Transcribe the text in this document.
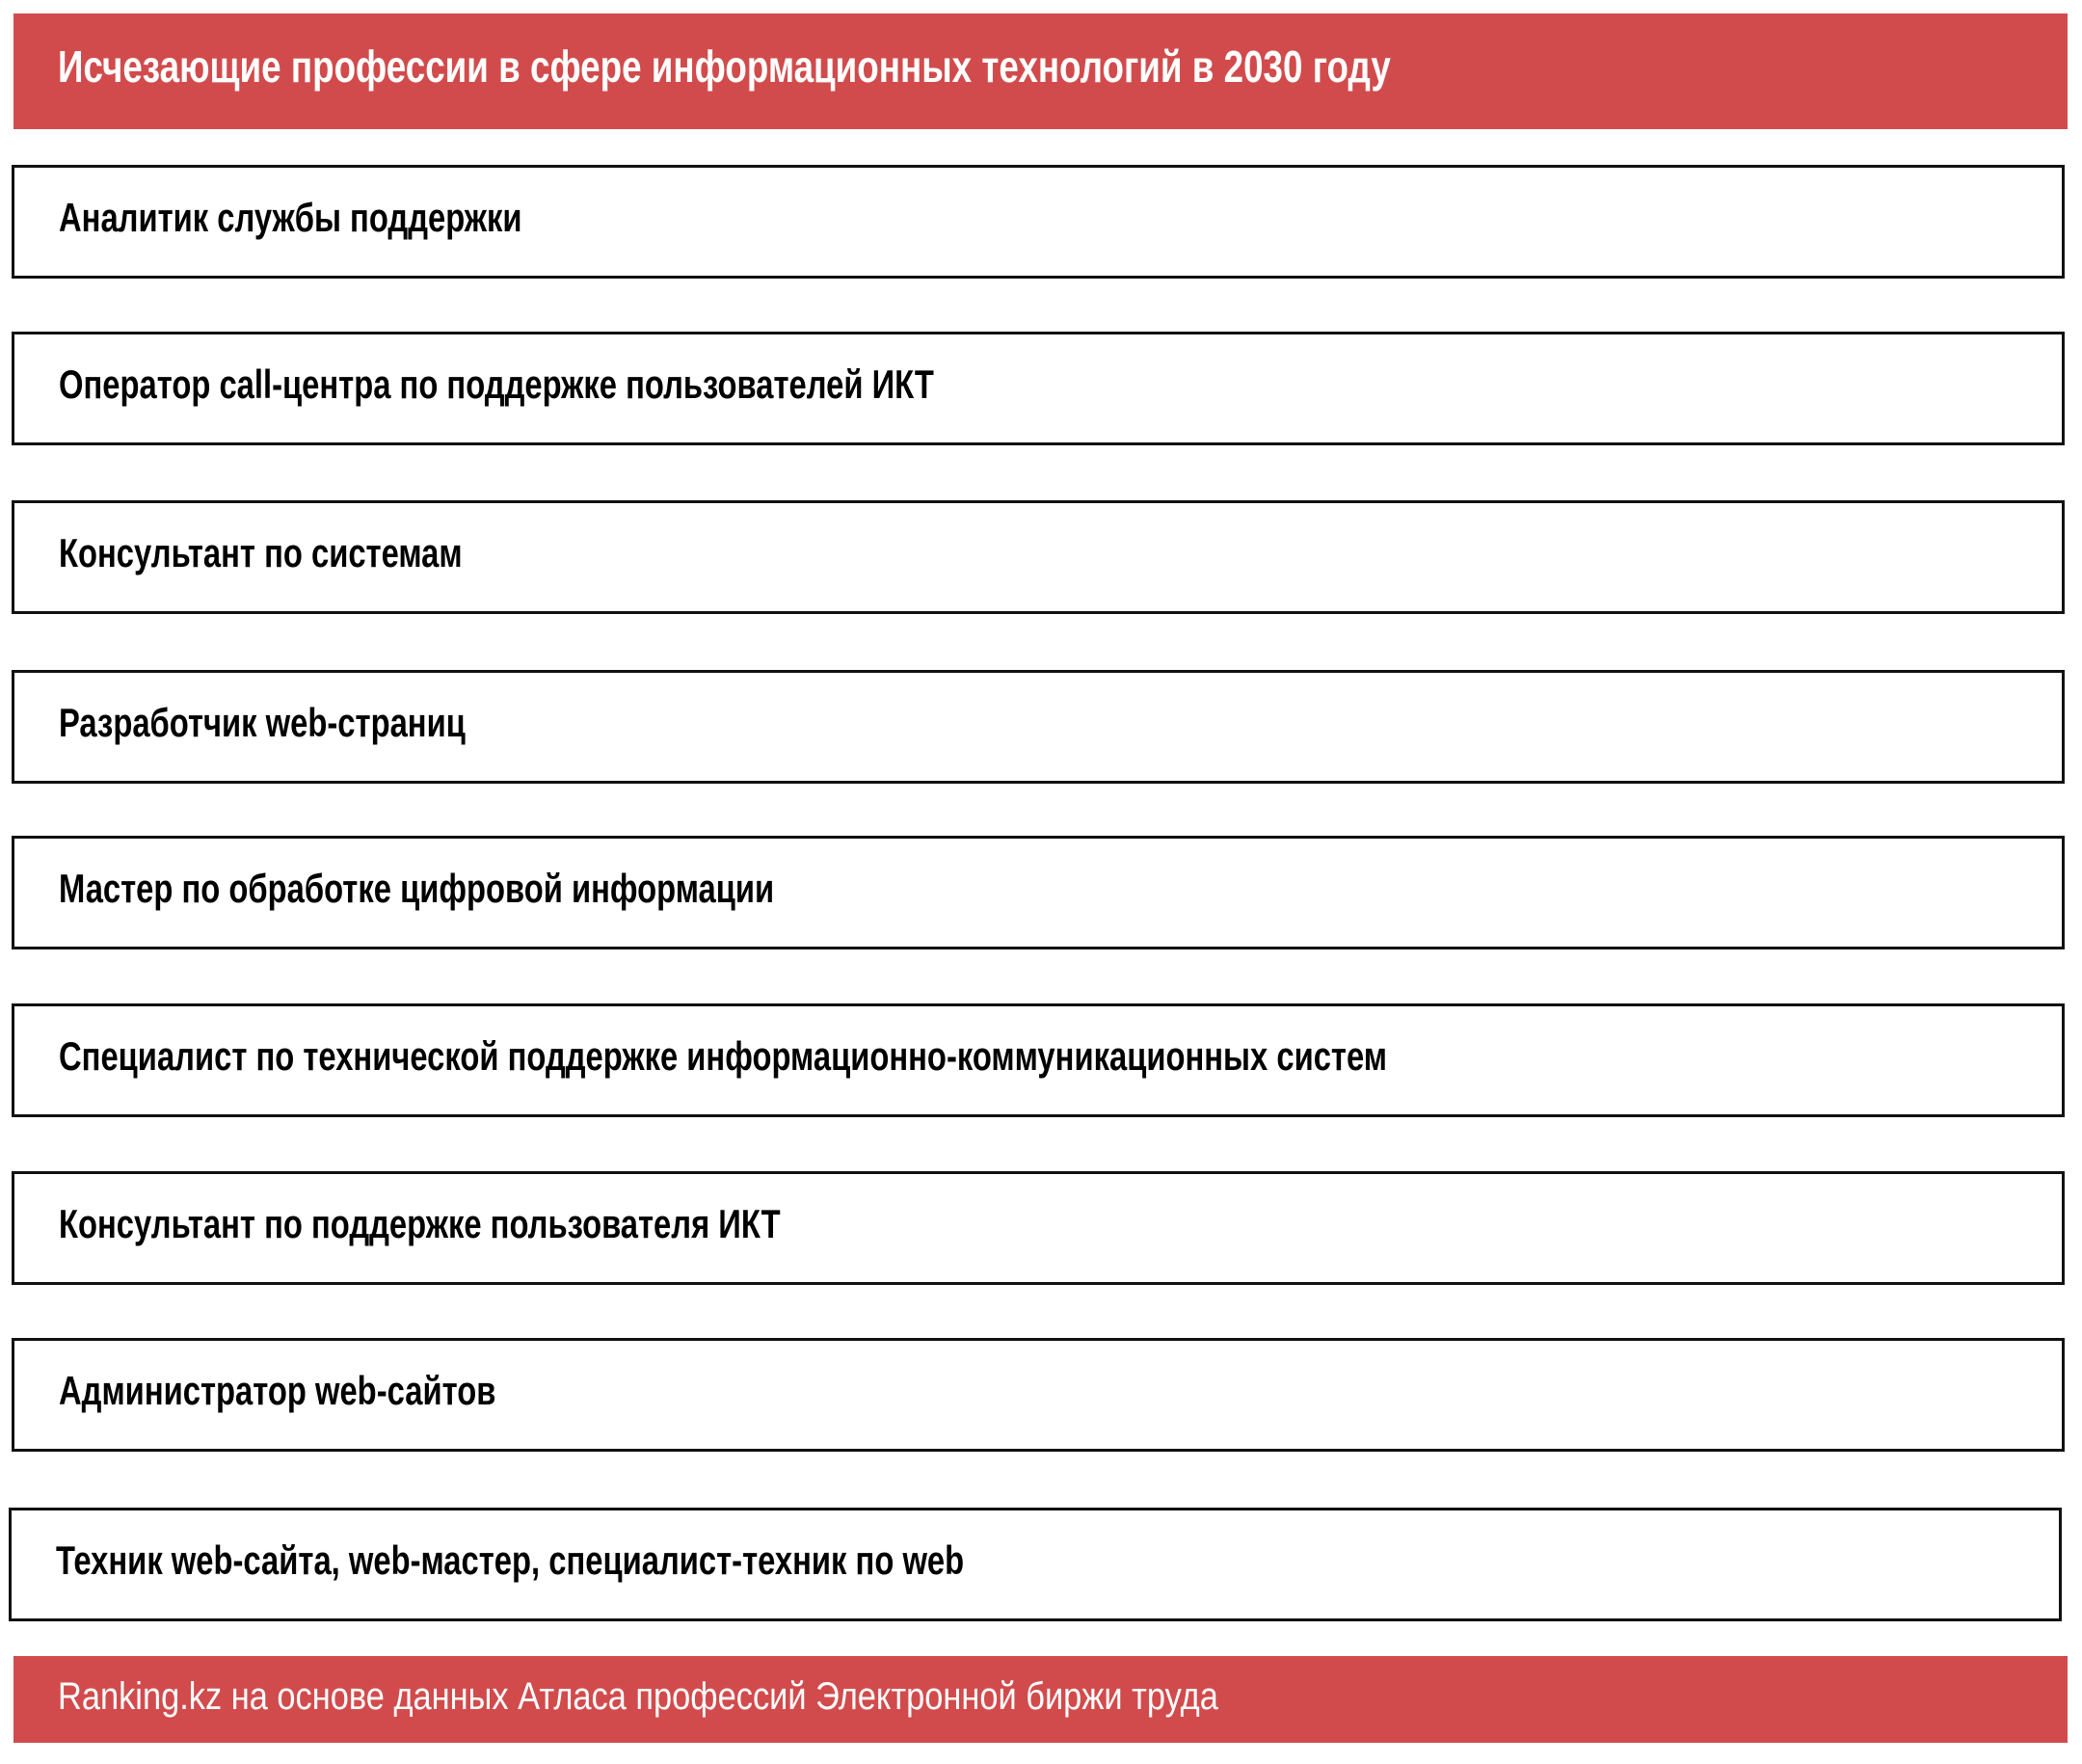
Исчезающие профессии в сфере информационных технологий в 2030 году
Аналитик службы поддержки
Оператор call-центра по поддержке пользователей ИКТ
Консультант по системам
Разработчик web-страниц
Мастер по обработке цифровой информации
Специалист по технической поддержке информационно-коммуникационных систем
Консультант по поддержке пользователя ИКТ
Администратор web-сайтов
Техник web-сайта, web-мастер, специалист-техник по web
Ranking.kz на основе данных Атласа профессий Электронной биржи труда
